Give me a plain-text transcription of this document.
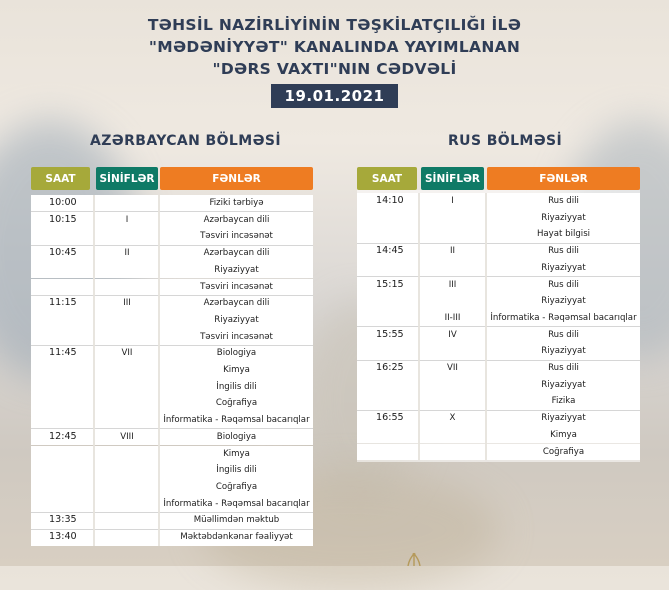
TƏHSİL NAZİRLİYİNİN TƏŞKİLATÇILIĞI İLƏ
"MƏDƏNİYYƏT" KANALINDA YAYIMLANAN
"DƏRS VAXTI"NIN CƏDVƏLİ
19.01.2021
AZƏRBAYCAN BÖLMƏSİ	RUS BÖLMƏSİ
SAAT	SİNİFLƏR	FƏNLƏR
10:00	Fiziki tərbiyə
10:15	I	Azərbaycan dili
Təsviri incəsənət
10:45	II	Azərbaycan dili
Riyaziyyat
Təsviri incəsənət
11:15	III	Azərbaycan dili
Riyaziyyat
Təsviri incəsənət
11:45	VII	Biologiya
Kimya
İngilis dili
Coğrafiya
İnformatika - Rəqəmsal bacarıqlar
12:45	VIII	Biologiya
Kimya
İngilis dili
Coğrafiya
İnformatika - Rəqəmsal bacarıqlar
13:35	Müəllimdən məktub
13:40	Məktəbdənkənar fəaliyyət
SAAT	SİNİFLƏR	FƏNLƏR
14:10	I	Rus dili
Riyaziyyat
Hayat bilgisi
14:45	II	Rus dili
Riyaziyyat
15:15	III	Rus dili
Riyaziyyat
II-III	İnformatika - Rəqəmsal bacarıqlar
15:55	IV	Rus dili
Riyaziyyat
16:25	VII	Rus dili
Riyaziyyat
Fizika
16:55	X	Riyaziyyat
Kimya
Coğrafiya
